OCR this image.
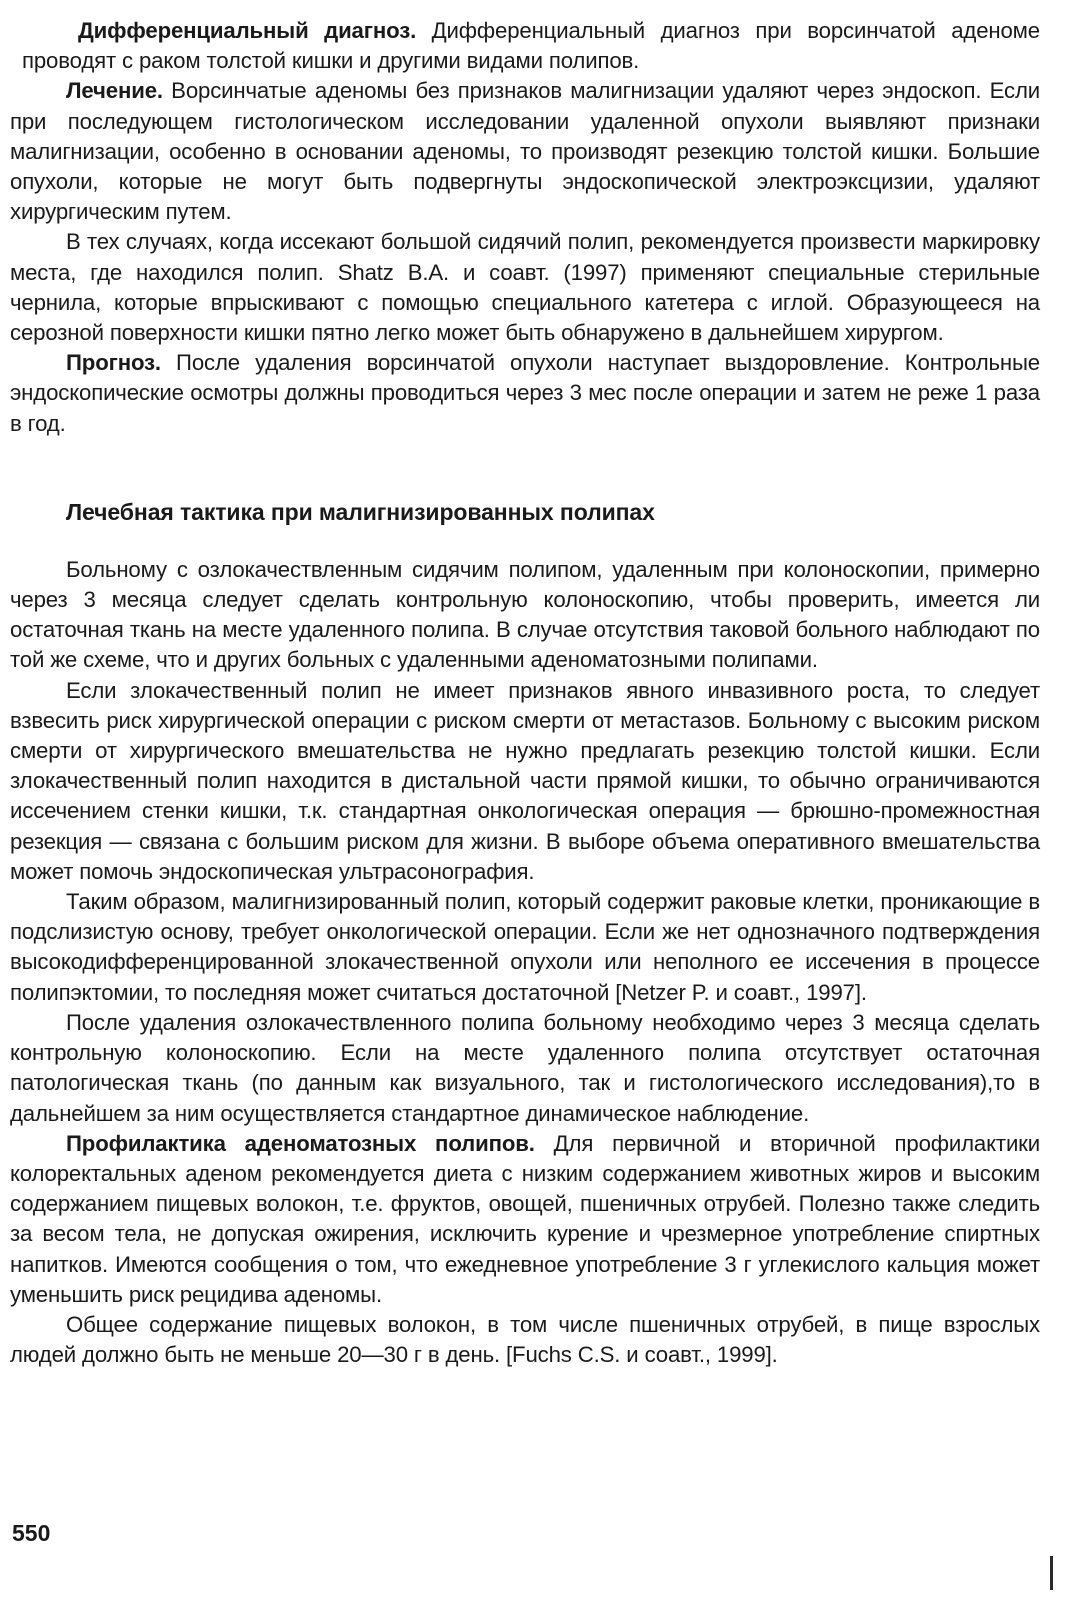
Дифференциальный диагноз. Дифференциальный диагноз при ворсинчатой аденоме проводят с раком толстой кишки и другими видами полипов.

Лечение. Ворсинчатые аденомы без признаков малигнизации удаляют через эндоскоп. Если при последующем гистологическом исследовании удаленной опухоли выявляют признаки малигнизации, особенно в основании аденомы, то производят резекцию толстой кишки. Большие опухоли, которые не могут быть подвергнуты эндоскопической электроэксцизии, удаляют хирургическим путем.

В тех случаях, когда иссекают большой сидячий полип, рекомендуется произвести маркировку места, где находился полип. Shatz B.A. и соавт. (1997) применяют специальные стерильные чернила, которые впрыскивают с помощью специального катетера с иглой. Образующееся на серозной поверхности кишки пятно легко может быть обнаружено в дальнейшем хирургом.

Прогноз. После удаления ворсинчатой опухоли наступает выздоровление. Контрольные эндоскопические осмотры должны проводиться через 3 мес после операции и затем не реже 1 раза в год.

Лечебная тактика при малигнизированных полипах

Больному с озлокачествленным сидячим полипом, удаленным при колоноскопии, примерно через 3 месяца следует сделать контрольную колоноскопию, чтобы проверить, имеется ли остаточная ткань на месте удаленного полипа. В случае отсутствия таковой больного наблюдают по той же схеме, что и других больных с удаленными аденоматозными полипами.

Если злокачественный полип не имеет признаков явного инвазивного роста, то следует взвесить риск хирургической операции с риском смерти от метастазов. Больному с высоким риском смерти от хирургического вмешательства не нужно предлагать резекцию толстой кишки. Если злокачественный полип находится в дистальной части прямой кишки, то обычно ограничиваются иссечением стенки кишки, т.к. стандартная онкологическая операция — брюшно-промежностная резекция — связана с большим риском для жизни. В выборе объема оперативного вмешательства может помочь эндоскопическая ультрасонография.

Таким образом, малигнизированный полип, который содержит раковые клетки, проникающие в подслизистую основу, требует онкологической операции. Если же нет однозначного подтверждения высокодифференцированной злокачественной опухоли или неполного ее иссечения в процессе полипэктомии, то последняя может считаться достаточной [Netzer P. и соавт., 1997].

После удаления озлокачествленного полипа больному необходимо через 3 месяца сделать контрольную колоноскопию. Если на месте удаленного полипа отсутствует остаточная патологическая ткань (по данным как визуального, так и гистологического исследования),то в дальнейшем за ним осуществляется стандартное динамическое наблюдение.

Профилактика аденоматозных полипов. Для первичной и вторичной профилактики колоректальных аденом рекомендуется диета с низким содержанием животных жиров и высоким содержанием пищевых волокон, т.е. фруктов, овощей, пшеничных отрубей. Полезно также следить за весом тела, не допуская ожирения, исключить курение и чрезмерное употребление спиртных напитков. Имеются сообщения о том, что ежедневное употребление 3 г углекислого кальция может уменьшить риск рецидива аденомы.

Общее содержание пищевых волокон, в том числе пшеничных отрубей, в пище взрослых людей должно быть не меньше 20—30 г в день. [Fuchs C.S. и соавт., 1999].

550
